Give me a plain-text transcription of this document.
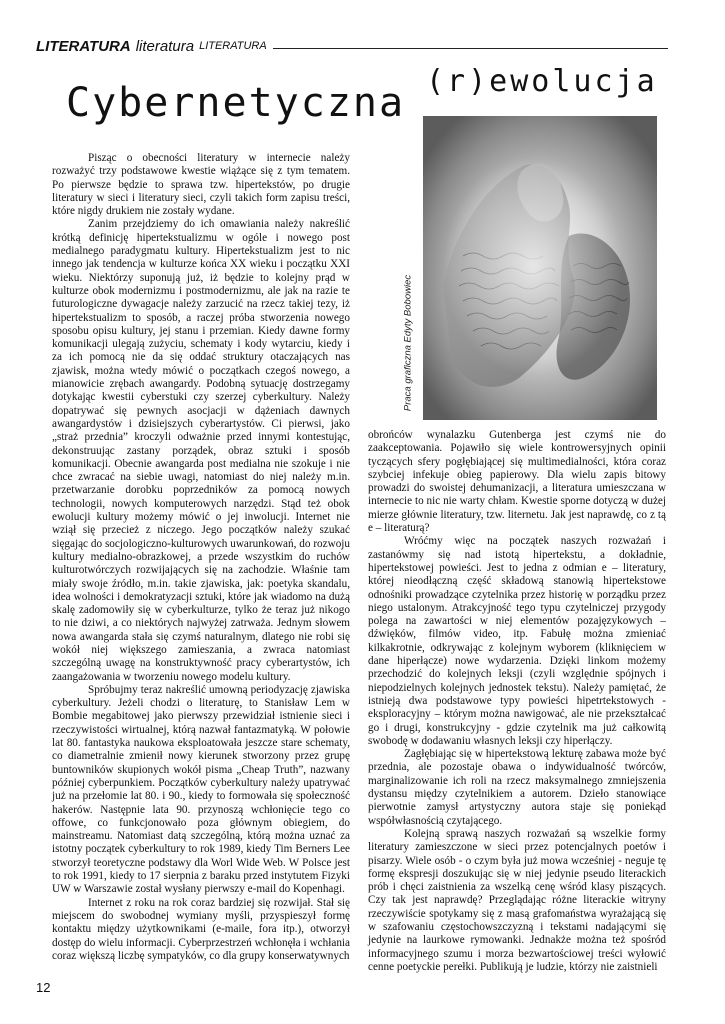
LITERATURA literatura LITERATURA
(r)ewolucja
Cybernetyczna
Praca graficzna Edyty Bobowiec

Pisząc o obecności literatury w internecie należy rozważyć trzy podstawowe kwestie wiążące się z tym tematem. Po pierwsze będzie to sprawa tzw. hipertekstów, po drugie literatury w sieci i literatury sieci, czyli takich form zapisu treści, które nigdy drukiem nie zostały wydane.

Zanim przejdziemy do ich omawiania należy nakreślić krótką definicję hipertekstualizmu w ogóle i nowego post medialnego paradygmatu kultury. Hipertekstualizm jest to nic innego jak tendencja w kulturze końca XX wieku i początku XXI wieku. Niektórzy suponują już, iż będzie to kolejny prąd w kulturze obok modernizmu i postmodernizmu, ale jak na razie te futurologiczne dywagacje należy zarzucić na rzecz takiej tezy, iż hipertekstualizm to sposób, a raczej próba stworzenia nowego sposobu opisu kultury, jej stanu i przemian. Kiedy dawne formy komunikacji ulegają zużyciu, schematy i kody wytarciu, kiedy i za ich pomocą nie da się oddać struktury otaczających nas zjawisk, można wtedy mówić o początkach czegoś nowego, a mianowicie zrębach awangardy. Podobną sytuację dostrzegamy dotykając kwestii cyberstuki czy szerzej cyberkultury. Należy dopatrywać się pewnych asocjacji w dążeniach dawnych awangardystów i dzisiejszych cyberartystów. Ci pierwsi, jako „straż przednia” kroczyli odważnie przed innymi kontestując, dekonstruując zastany porządek, obraz sztuki i sposób komunikacji. Obecnie awangarda post medialna nie szokuje i nie chce zwracać na siebie uwagi, natomiast do niej należy m.in. przetwarzanie dorobku poprzedników za pomocą nowych technologii, nowych komputerowych narzędzi. Stąd też obok ewolucji kultury możemy mówić o jej inwolucji. Internet nie wziął się przecież z niczego. Jego początków należy szukać sięgając do socjologiczno-kulturowych uwarunkowań, do rozwoju kultury medialno-obrazkowej, a przede wszystkim do ruchów kulturotwórczych rozwijających się na zachodzie. Właśnie tam miały swoje źródło, m.in. takie zjawiska, jak: poetyka skandalu, idea wolności i demokratyzacji sztuki, które jak wiadomo na dużą skalę zadomowiły się w cyberkulturze, tylko że teraz już nikogo to nie dziwi, a co niektórych najwyżej zatrważa. Jednym słowem nowa awangarda stała się czymś naturalnym, dlatego nie robi się wokół niej większego zamieszania, a zwraca natomiast szczególną uwagę na konstruktywność pracy cyberartystów, ich zaangażowania w tworzeniu nowego modelu kultury.

Spróbujmy teraz nakreślić umowną periodyzację zjawiska cyberkultury. Jeżeli chodzi o literaturę, to Stanisław Lem w Bombie megabitowej jako pierwszy przewidział istnienie sieci i rzeczywistości wirtualnej, którą nazwał fantazmatyką. W połowie lat 80. fantastyka naukowa eksploatowała jeszcze stare schematy, co diametralnie zmienił nowy kierunek stworzony przez grupę buntowników skupionych wokół pisma „Cheap Truth”, nazwany później cyberpunkiem. Początków cyberkultury należy upatrywać już na przełomie lat 80. i 90., kiedy to formowała się społeczność hakerów. Następnie lata 90. przynoszą wchłonięcie tego co offowe, co funkcjonowało poza głównym obiegiem, do mainstreamu. Natomiast datą szczególną, którą można uznać za istotny początek cyberkultury to rok 1989, kiedy Tim Berners Lee stworzył teoretyczne podstawy dla Worl Wide Web. W Polsce jest to rok 1991, kiedy to 17 sierpnia z baraku przed instytutem Fizyki UW w Warszawie został wysłany pierwszy e-mail do Kopenhagi.

Internet z roku na rok coraz bardziej się rozwijał. Stał się miejscem do swobodnej wymiany myśli, przyspieszył formę kontaktu między użytkownikami (e-maile, fora itp.), otworzył dostęp do wielu informacji. Cyberprzestrzeń wchłonęła i wchłania coraz większą liczbę sympatyków, co dla grupy konserwatywnych

obrońców wynalazku Gutenberga jest czymś nie do zaakceptowania. Pojawiło się wiele kontrowersyjnych opinii tyczących sfery pogłębiającej się multimedialności, która coraz szybciej infekuje obieg papierowy. Dla wielu zapis bitowy prowadzi do swoistej dehumanizacji, a literatura umieszczana w internecie to nic nie warty chłam. Kwestie sporne dotyczą w dużej mierze głównie literatury, tzw. liternetu. Jak jest naprawdę, co z tą e – literaturą?

Wróćmy więc na początek naszych rozważań i zastanówmy się nad istotą hipertekstu, a dokładnie, hipertekstowej powieści. Jest to jedna z odmian e – literatury, której nieodłączną część składową stanowią hipertekstowe odnośniki prowadzące czytelnika przez historię w porządku przez niego ustalonym. Atrakcyjność tego typu czytelniczej przygody polega na zawartości w niej elementów pozajęzykowych – dźwięków, filmów video, itp. Fabułę można zmieniać kilkakrotnie, odkrywając z kolejnym wyborem (kliknięciem w dane hiperłącze) nowe wydarzenia. Dzięki linkom możemy przechodzić do kolejnych leksji (czyli względnie spójnych i niepodzielnych kolejnych jednostek tekstu). Należy pamiętać, że istnieją dwa podstawowe typy powieści hipetrtekstowych - eksploracyjny – którym można nawigować, ale nie przekształcać go i drugi, konstrukcyjny - gdzie czytelnik ma już całkowitą swobodę w dodawaniu własnych leksji czy hiperłączy.

Zagłębiając się w hipertekstową lekturę zabawa może być przednia, ale pozostaje obawa o indywidualność twórców, marginalizowanie ich roli na rzecz maksymalnego zmniejszenia dystansu między czytelnikiem a autorem. Dzieło stanowiące pierwotnie zamysł artystyczny autora staje się poniekąd współwłasnością czytającego.

Kolejną sprawą naszych rozważań są wszelkie formy literatury zamieszczone w sieci przez potencjalnych poetów i pisarzy. Wiele osób - o czym była już mowa wcześniej - neguje tę formę ekspresji doszukując się w niej jedynie pseudo literackich prób i chęci zaistnienia za wszelką cenę wśród klasy piszących. Czy tak jest naprawdę? Przeglądając różne literackie witryny rzeczywiście spotykamy się z masą grafomaństwa wyrażającą się w szafowaniu częstochowszczyzną i tekstami nadającymi się jedynie na laurkowe rymowanki. Jednakże można też spośród informacyjnego szumu i morza bezwartościowej treści wyłowić cenne poetyckie perełki. Publikują je ludzie, którzy nie zaistnieli

12
